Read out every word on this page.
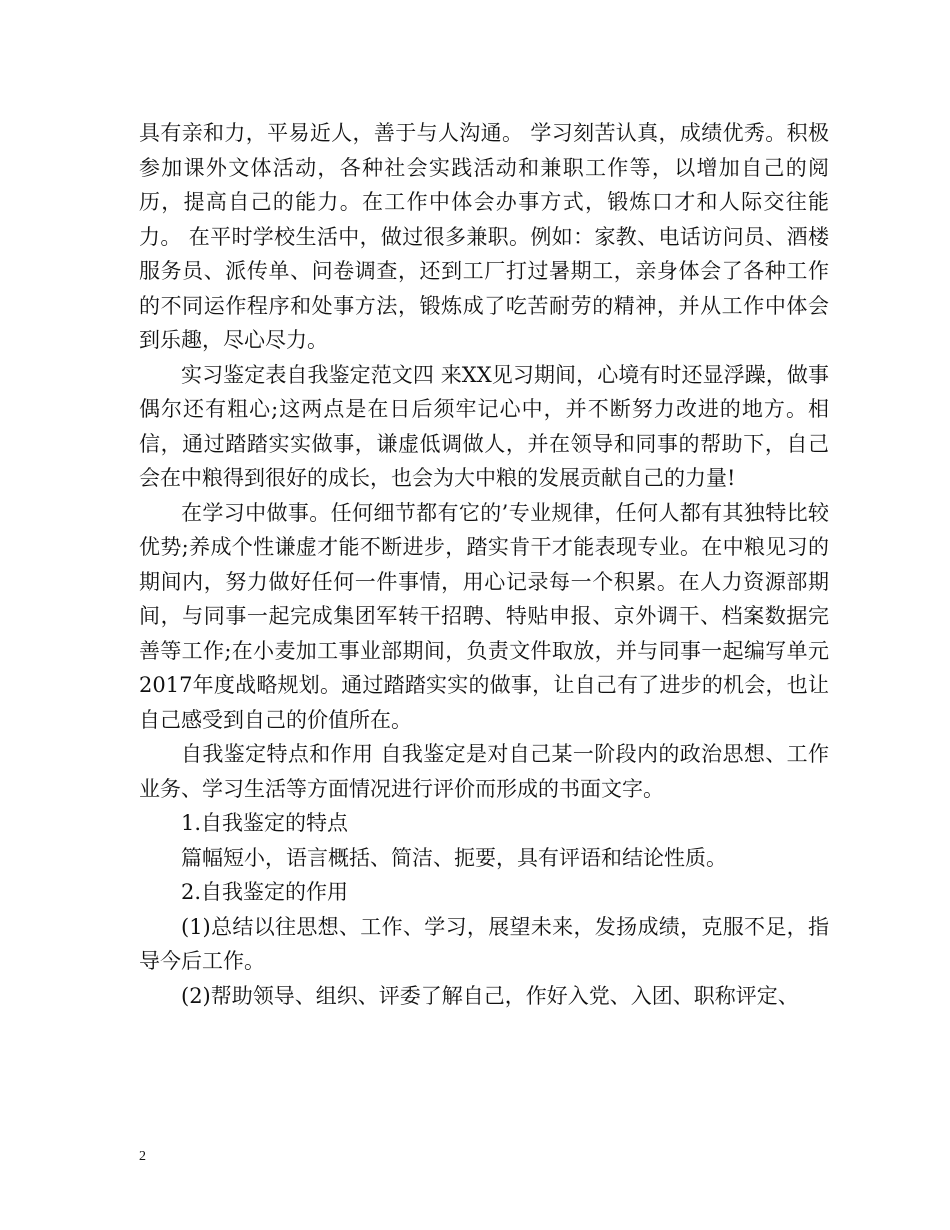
具有亲和力，平易近人，善于与人沟通。 学习刻苦认真，成绩优秀。积极参加课外文体活动，各种社会实践活动和兼职工作等，以增加自己的阅历，提高自己的能力。在工作中体会办事方式，锻炼口才和人际交往能力。 在平时学校生活中，做过很多兼职。例如：家教、电话访问员、酒楼服务员、派传单、问卷调查，还到工厂打过暑期工，亲身体会了各种工作的不同运作程序和处事方法，锻炼成了吃苦耐劳的精神，并从工作中体会到乐趣，尽心尽力。

实习鉴定表自我鉴定范文四 来XX见习期间，心境有时还显浮躁，做事偶尔还有粗心;这两点是在日后须牢记心中，并不断努力改进的地方。相信，通过踏踏实实做事，谦虚低调做人，并在领导和同事的帮助下，自己会在中粮得到很好的成长，也会为大中粮的发展贡献自己的力量!

在学习中做事。任何细节都有它的’专业规律，任何人都有其独特比较优势;养成个性谦虚才能不断进步，踏实肯干才能表现专业。在中粮见习的期间内，努力做好任何一件事情，用心记录每一个积累。在人力资源部期间，与同事一起完成集团军转干招聘、特贴申报、京外调干、档案数据完善等工作;在小麦加工事业部期间，负责文件取放，并与同事一起编写单元2017年度战略规划。通过踏踏实实的做事，让自己有了进步的机会，也让自己感受到自己的价值所在。

自我鉴定特点和作用 自我鉴定是对自己某一阶段内的政治思想、工作业务、学习生活等方面情况进行评价而形成的书面文字。

1.自我鉴定的特点

篇幅短小，语言概括、简洁、扼要，具有评语和结论性质。

2.自我鉴定的作用

(1)总结以往思想、工作、学习，展望未来，发扬成绩，克服不足，指导今后工作。

(2)帮助领导、组织、评委了解自己，作好入党、入团、职称评定、

2
